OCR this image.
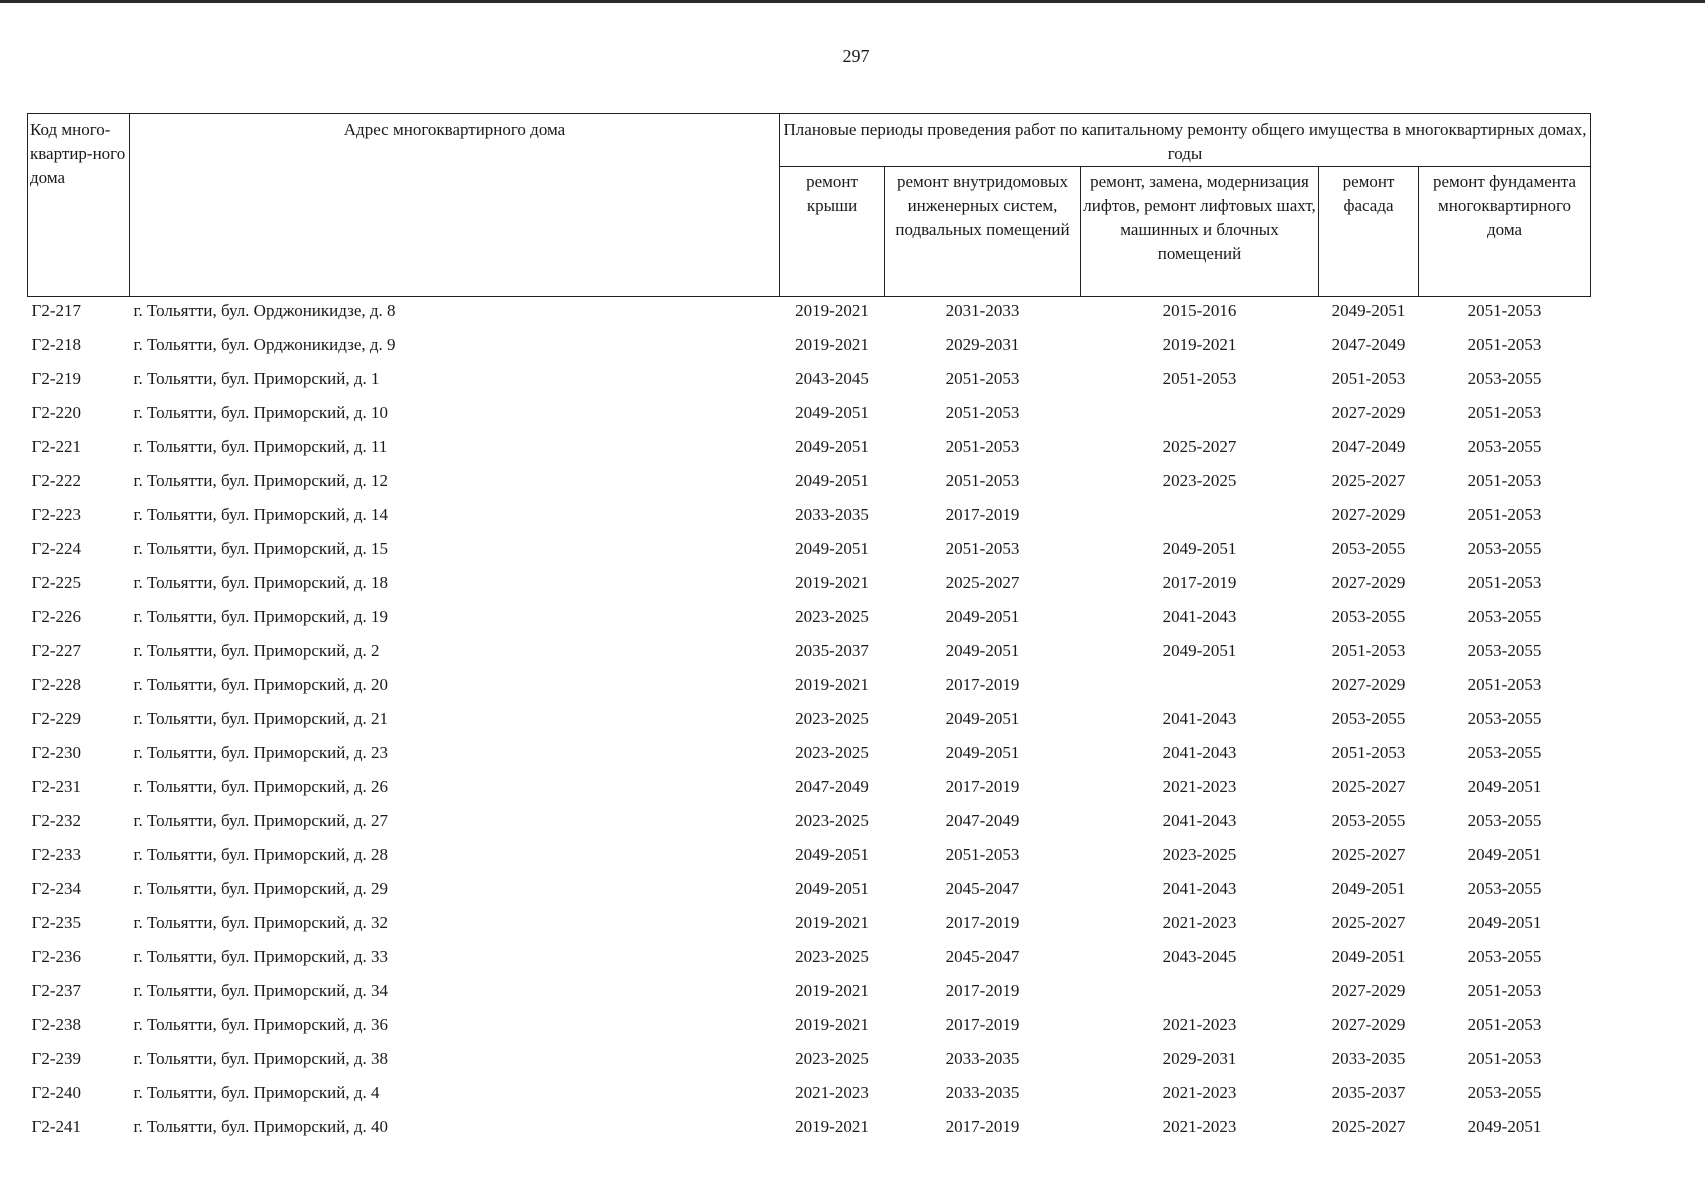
297
Код много-квартир-ного дома	Адрес многоквартирного дома	Плановые периоды проведения работ по капитальному ремонту общего имущества в многоквартирных домах, годы				
		ремонт крыши	ремонт внутридомовых инженерных систем, подвальных помещений	ремонт, замена, модернизация лифтов, ремонт лифтовых шахт, машинных и блочных помещений	ремонт фасада	ремонт фундамента многоквартирного дома
Г2-217	г. Тольятти, бул. Орджоникидзе, д. 8	2019-2021	2031-2033	2015-2016	2049-2051	2051-2053
Г2-218	г. Тольятти, бул. Орджоникидзе, д. 9	2019-2021	2029-2031	2019-2021	2047-2049	2051-2053
Г2-219	г. Тольятти, бул. Приморский, д. 1	2043-2045	2051-2053	2051-2053	2051-2053	2053-2055
Г2-220	г. Тольятти, бул. Приморский, д. 10	2049-2051	2051-2053		2027-2029	2051-2053
Г2-221	г. Тольятти, бул. Приморский, д. 11	2049-2051	2051-2053	2025-2027	2047-2049	2053-2055
Г2-222	г. Тольятти, бул. Приморский, д. 12	2049-2051	2051-2053	2023-2025	2025-2027	2051-2053
Г2-223	г. Тольятти, бул. Приморский, д. 14	2033-2035	2017-2019		2027-2029	2051-2053
Г2-224	г. Тольятти, бул. Приморский, д. 15	2049-2051	2051-2053	2049-2051	2053-2055	2053-2055
Г2-225	г. Тольятти, бул. Приморский, д. 18	2019-2021	2025-2027	2017-2019	2027-2029	2051-2053
Г2-226	г. Тольятти, бул. Приморский, д. 19	2023-2025	2049-2051	2041-2043	2053-2055	2053-2055
Г2-227	г. Тольятти, бул. Приморский, д. 2	2035-2037	2049-2051	2049-2051	2051-2053	2053-2055
Г2-228	г. Тольятти, бул. Приморский, д. 20	2019-2021	2017-2019		2027-2029	2051-2053
Г2-229	г. Тольятти, бул. Приморский, д. 21	2023-2025	2049-2051	2041-2043	2053-2055	2053-2055
Г2-230	г. Тольятти, бул. Приморский, д. 23	2023-2025	2049-2051	2041-2043	2051-2053	2053-2055
Г2-231	г. Тольятти, бул. Приморский, д. 26	2047-2049	2017-2019	2021-2023	2025-2027	2049-2051
Г2-232	г. Тольятти, бул. Приморский, д. 27	2023-2025	2047-2049	2041-2043	2053-2055	2053-2055
Г2-233	г. Тольятти, бул. Приморский, д. 28	2049-2051	2051-2053	2023-2025	2025-2027	2049-2051
Г2-234	г. Тольятти, бул. Приморский, д. 29	2049-2051	2045-2047	2041-2043	2049-2051	2053-2055
Г2-235	г. Тольятти, бул. Приморский, д. 32	2019-2021	2017-2019	2021-2023	2025-2027	2049-2051
Г2-236	г. Тольятти, бул. Приморский, д. 33	2023-2025	2045-2047	2043-2045	2049-2051	2053-2055
Г2-237	г. Тольятти, бул. Приморский, д. 34	2019-2021	2017-2019		2027-2029	2051-2053
Г2-238	г. Тольятти, бул. Приморский, д. 36	2019-2021	2017-2019	2021-2023	2027-2029	2051-2053
Г2-239	г. Тольятти, бул. Приморский, д. 38	2023-2025	2033-2035	2029-2031	2033-2035	2051-2053
Г2-240	г. Тольятти, бул. Приморский, д. 4	2021-2023	2033-2035	2021-2023	2035-2037	2053-2055
Г2-241	г. Тольятти, бул. Приморский, д. 40	2019-2021	2017-2019	2021-2023	2025-2027	2049-2051
